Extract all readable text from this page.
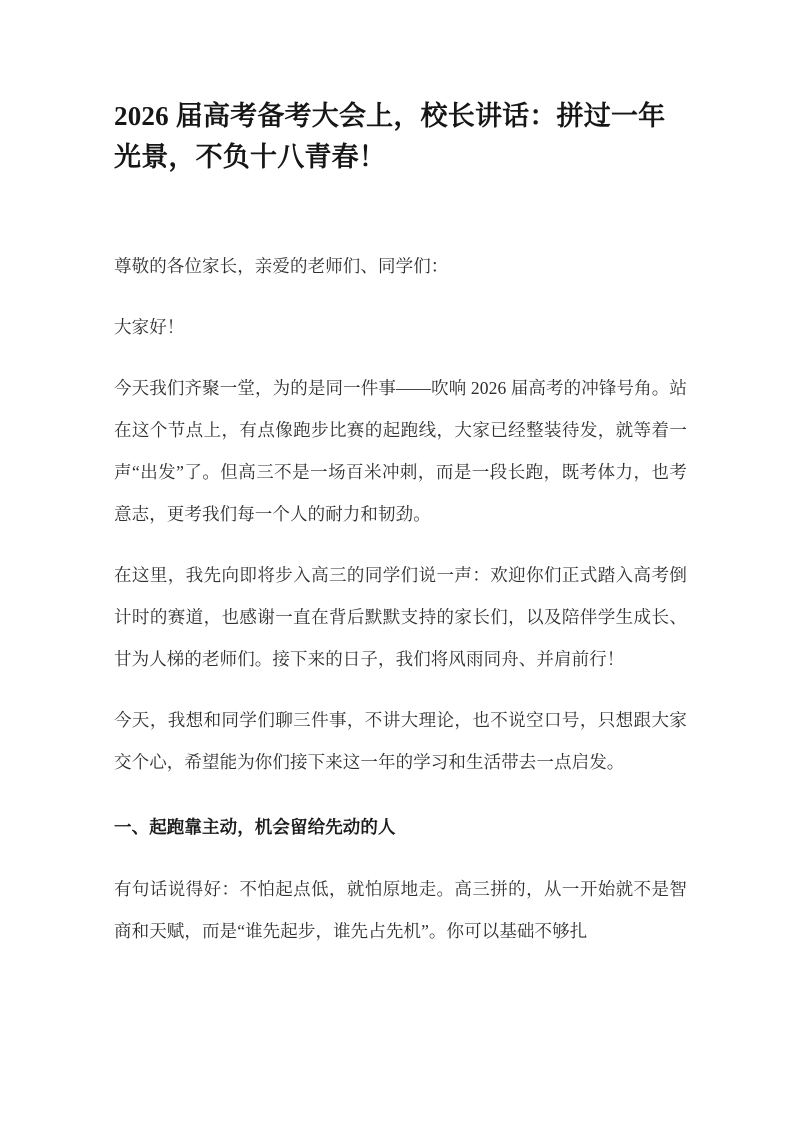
2026 届高考备考大会上，校长讲话：拼过一年光景，不负十八青春！

尊敬的各位家长，亲爱的老师们、同学们：

大家好！

今天我们齐聚一堂，为的是同一件事——吹响 2026 届高考的冲锋号角。站在这个节点上，有点像跑步比赛的起跑线，大家已经整装待发，就等着一声“出发”了。但高三不是一场百米冲刺，而是一段长跑，既考体力，也考意志，更考我们每一个人的耐力和韧劲。

在这里，我先向即将步入高三的同学们说一声：欢迎你们正式踏入高考倒计时的赛道，也感谢一直在背后默默支持的家长们，以及陪伴学生成长、甘为人梯的老师们。接下来的日子，我们将风雨同舟、并肩前行！

今天，我想和同学们聊三件事，不讲大理论，也不说空口号，只想跟大家交个心，希望能为你们接下来这一年的学习和生活带去一点启发。

一、起跑靠主动，机会留给先动的人

有句话说得好：不怕起点低，就怕原地走。高三拼的，从一开始就不是智商和天赋，而是“谁先起步，谁先占先机”。你可以基础不够扎
